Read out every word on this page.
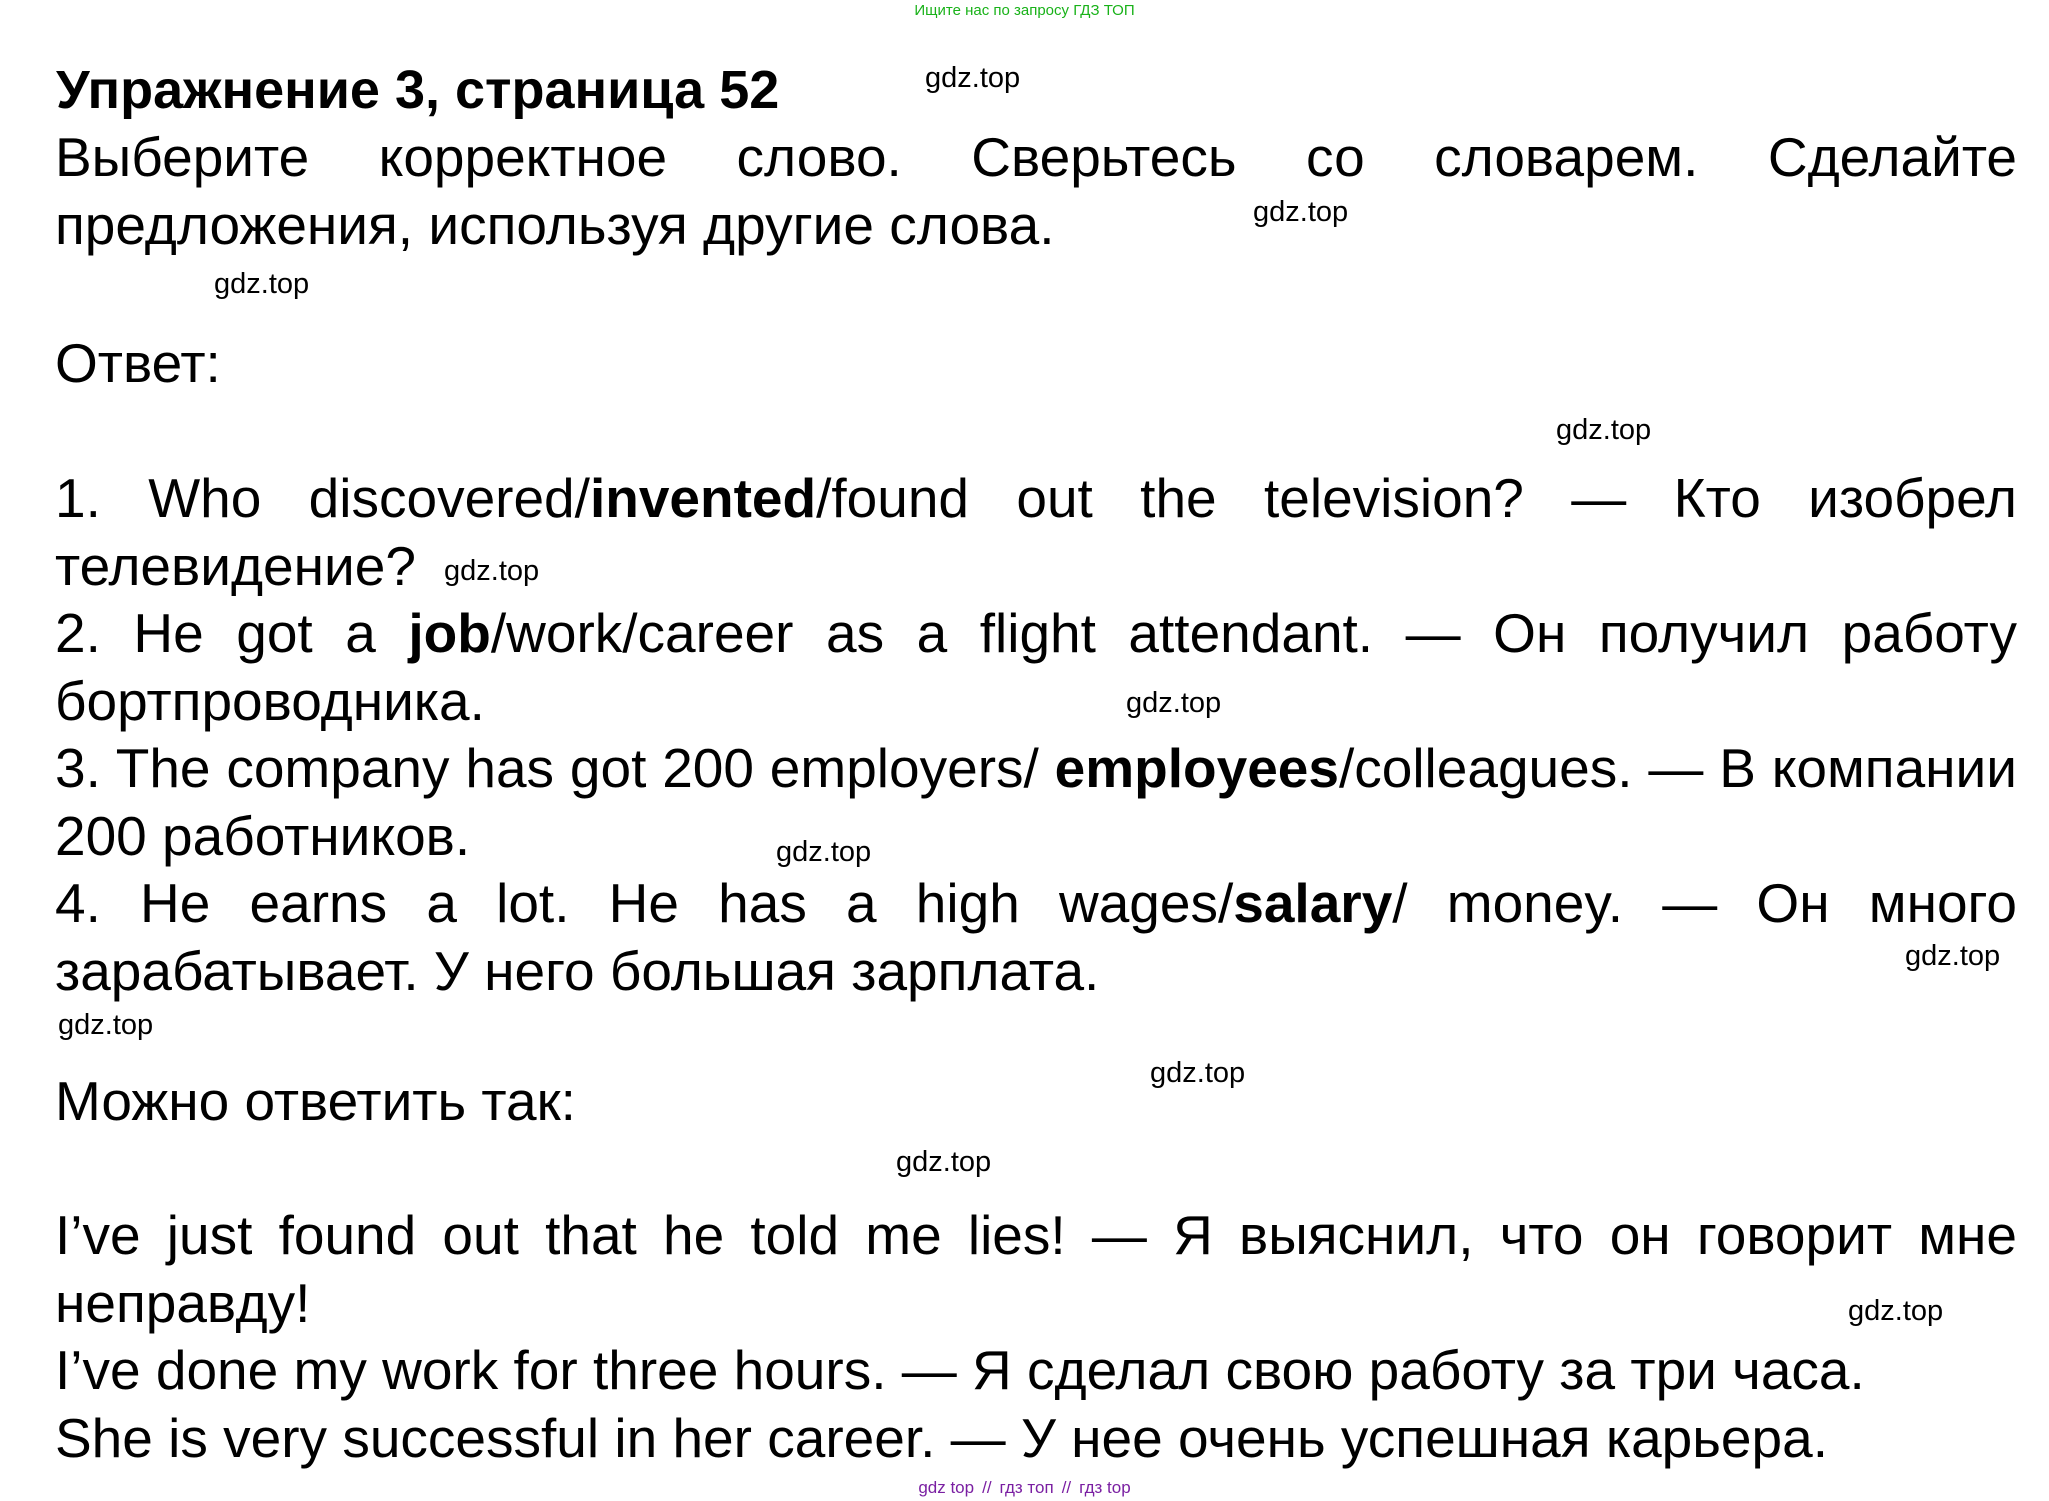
Ищите нас по запросу ГДЗ ТОП
Упражнение 3, страница 52
Выберите корректное слово. Сверьтесь со словарем. Сделайте предложения, используя другие слова.
Ответ:

1. Who discovered/invented/found out the television? — Кто изобрел телевидение?

2. He got a job/work/career as a flight attendant. — Он получил работу бортпроводника.

3. The company has got 200 employers/ employees/colleagues. — В компании 200 работников.

4. He earns a lot. He has a high wages/salary/ money. — Он много зарабатывает. У него большая зарплата.

Можно ответить так:

I’ve just found out that he told me lies! — Я выяснил, что он говорит мне неправду!

I’ve done my work for three hours. — Я сделал свою работу за три часа.

She is very successful in her career. — У нее очень успешная карьера.

gdz.top
gdz.top
gdz.top
gdz.top
gdz.top
gdz.top
gdz.top
gdz.top
gdz.top
gdz.top
gdz.top
gdz.top
gdz top // гдз топ // гдз top
